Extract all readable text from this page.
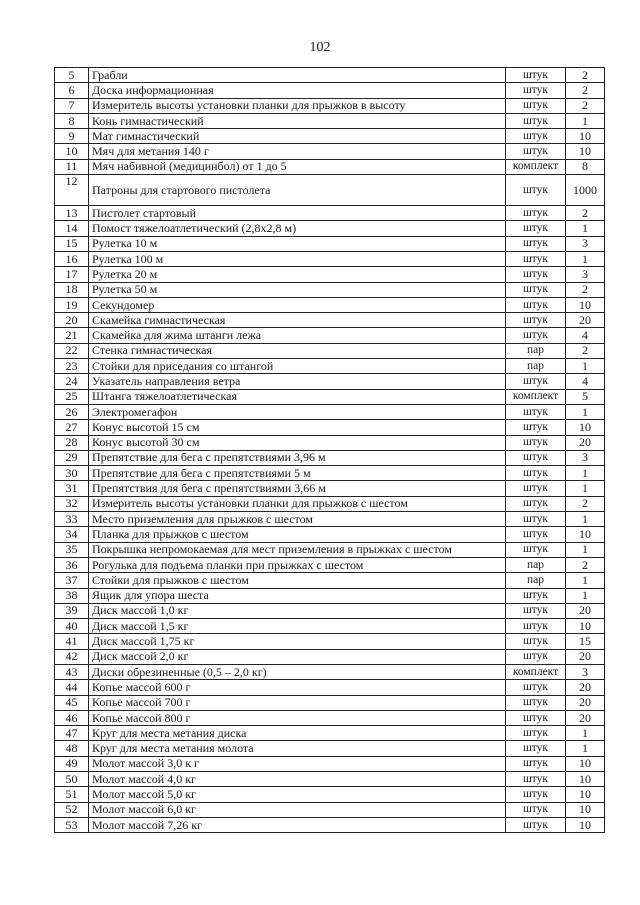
102
5	Грабли	штук	2
6	Доска информационная	штук	2
7	Измеритель высоты установки планки для прыжков в высоту	штук	2
8	Конь гимнастический	штук	1
9	Мат гимнастический	штук	10
10	Мяч для метания 140 г	штук	10
11	Мяч набивной (медицинбол) от 1 до 5	комплект	8
12	Патроны для стартового пистолета	штук	1000
13	Пистолет стартовый	штук	2
14	Помост тяжелоатлетический (2,8х2,8 м)	штук	1
15	Рулетка 10 м	штук	3
16	Рулетка 100 м	штук	1
17	Рулетка 20 м	штук	3
18	Рулетка 50 м	штук	2
19	Секундомер	штук	10
20	Скамейка гимнастическая	штук	20
21	Скамейка для жима штанги лежа	штук	4
22	Стенка гимнастическая	пар	2
23	Стойки для приседания со штангой	пар	1
24	Указатель направления ветра	штук	4
25	Штанга тяжелоатлетическая	комплект	5
26	Электромегафон	штук	1
27	Конус высотой 15 см	штук	10
28	Конус высотой 30 см	штук	20
29	Препятствие для бега с препятствиями 3,96 м	штук	3
30	Препятствие для бега с препятствиями 5 м	штук	1
31	Препятствия для бега с препятствиями 3,66 м	штук	1
32	Измеритель высоты установки планки для прыжков с шестом	штук	2
33	Место приземления для прыжков с шестом	штук	1
34	Планка для прыжков с шестом	штук	10
35	Покрышка непромокаемая для мест приземления в прыжках с шестом	штук	1
36	Рогулька для подъема планки при прыжках с шестом	пар	2
37	Стойки для прыжков с шестом	пар	1
38	Ящик для упора шеста	штук	1
39	Диск массой 1,0 кг	штук	20
40	Диск массой 1,5 кг	штук	10
41	Диск массой 1,75 кг	штук	15
42	Диск массой 2,0 кг	штук	20
43	Диски обрезиненные (0,5 – 2,0 кг)	комплект	3
44	Копье массой 600 г	штук	20
45	Копье массой 700 г	штук	20
46	Копье массой 800 г	штук	20
47	Круг для места метания диска	штук	1
48	Круг для места метания молота	штук	1
49	Молот массой 3,0 к г	штук	10
50	Молот массой 4,0 кг	штук	10
51	Молот массой 5,0 кг	штук	10
52	Молот массой 6,0 кг	штук	10
53	Молот массой 7,26 кг	штук	10
